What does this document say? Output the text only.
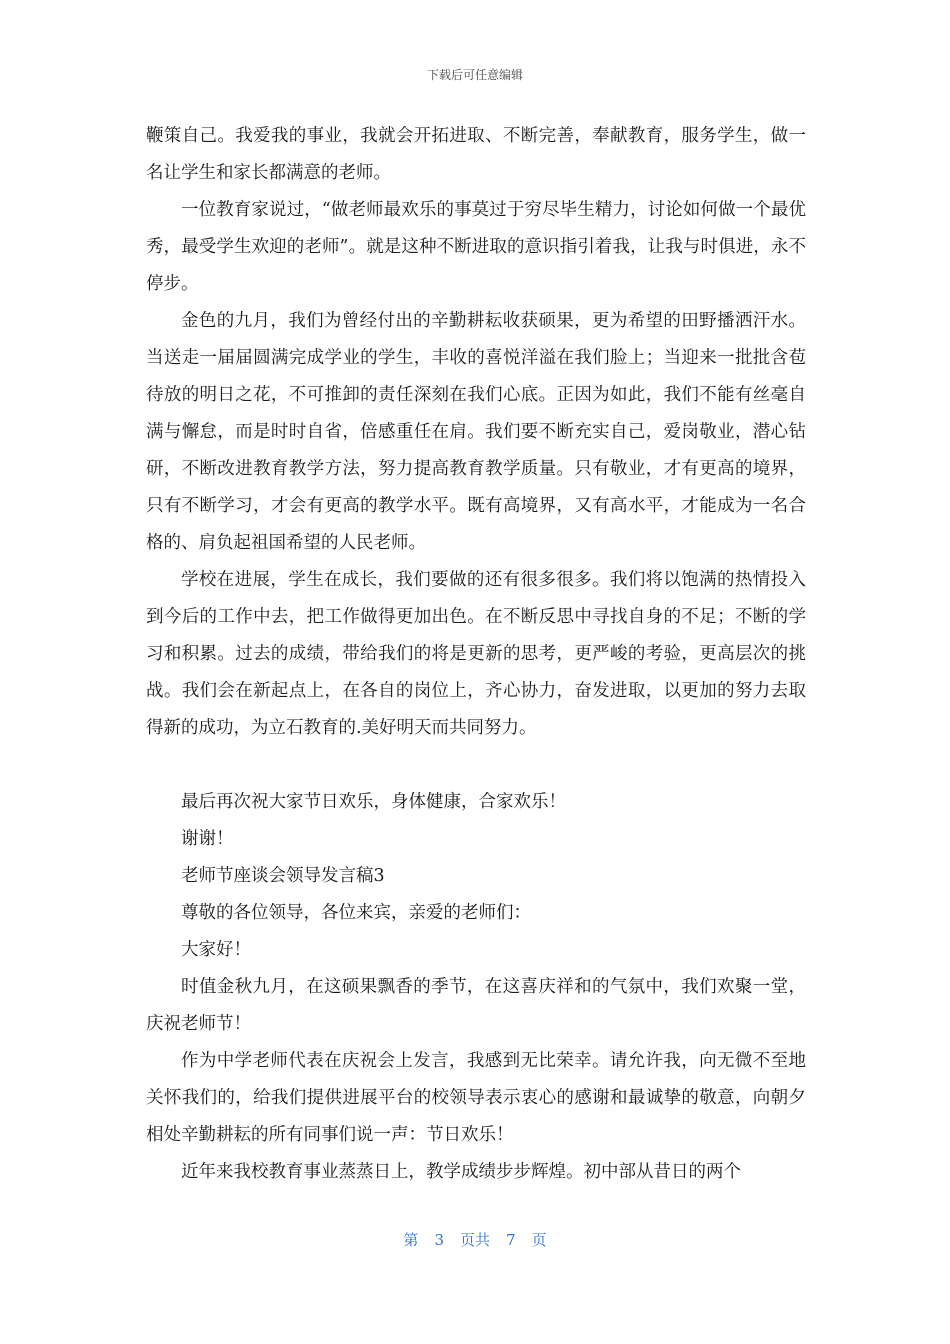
下载后可任意编辑

鞭策自己。我爱我的事业，我就会开拓进取、不断完善，奉献教育，服务学生，做一名让学生和家长都满意的老师。

一位教育家说过，“做老师最欢乐的事莫过于穷尽毕生精力，讨论如何做一个最优秀，最受学生欢迎的老师”。就是这种不断进取的意识指引着我，让我与时俱进，永不停步。

金色的九月，我们为曾经付出的辛勤耕耘收获硕果，更为希望的田野播洒汗水。当送走一届届圆满完成学业的学生，丰收的喜悦洋溢在我们脸上；当迎来一批批含苞待放的明日之花，不可推卸的责任深刻在我们心底。正因为如此，我们不能有丝毫自满与懈怠，而是时时自省，倍感重任在肩。我们要不断充实自己，爱岗敬业，潜心钻研，不断改进教育教学方法，努力提高教育教学质量。只有敬业，才有更高的境界，只有不断学习，才会有更高的教学水平。既有高境界，又有高水平，才能成为一名合格的、肩负起祖国希望的人民老师。

学校在进展，学生在成长，我们要做的还有很多很多。我们将以饱满的热情投入到今后的工作中去，把工作做得更加出色。在不断反思中寻找自身的不足；不断的学习和积累。过去的成绩，带给我们的将是更新的思考，更严峻的考验，更高层次的挑战。我们会在新起点上，在各自的岗位上，齐心协力，奋发进取，以更加的努力去取得新的成功，为立石教育的.美好明天而共同努力。

最后再次祝大家节日欢乐，身体健康，合家欢乐！

谢谢！

老师节座谈会领导发言稿3

尊敬的各位领导，各位来宾，亲爱的老师们：

大家好！

时值金秋九月，在这硕果飘香的季节，在这喜庆祥和的气氛中，我们欢聚一堂，庆祝老师节！

作为中学老师代表在庆祝会上发言，我感到无比荣幸。请允许我，向无微不至地关怀我们的，给我们提供进展平台的校领导表示衷心的感谢和最诚挚的敬意，向朝夕相处辛勤耕耘的所有同事们说一声：节日欢乐！

近年来我校教育事业蒸蒸日上，教学成绩步步辉煌。初中部从昔日的两个

第 3 页共 7 页
